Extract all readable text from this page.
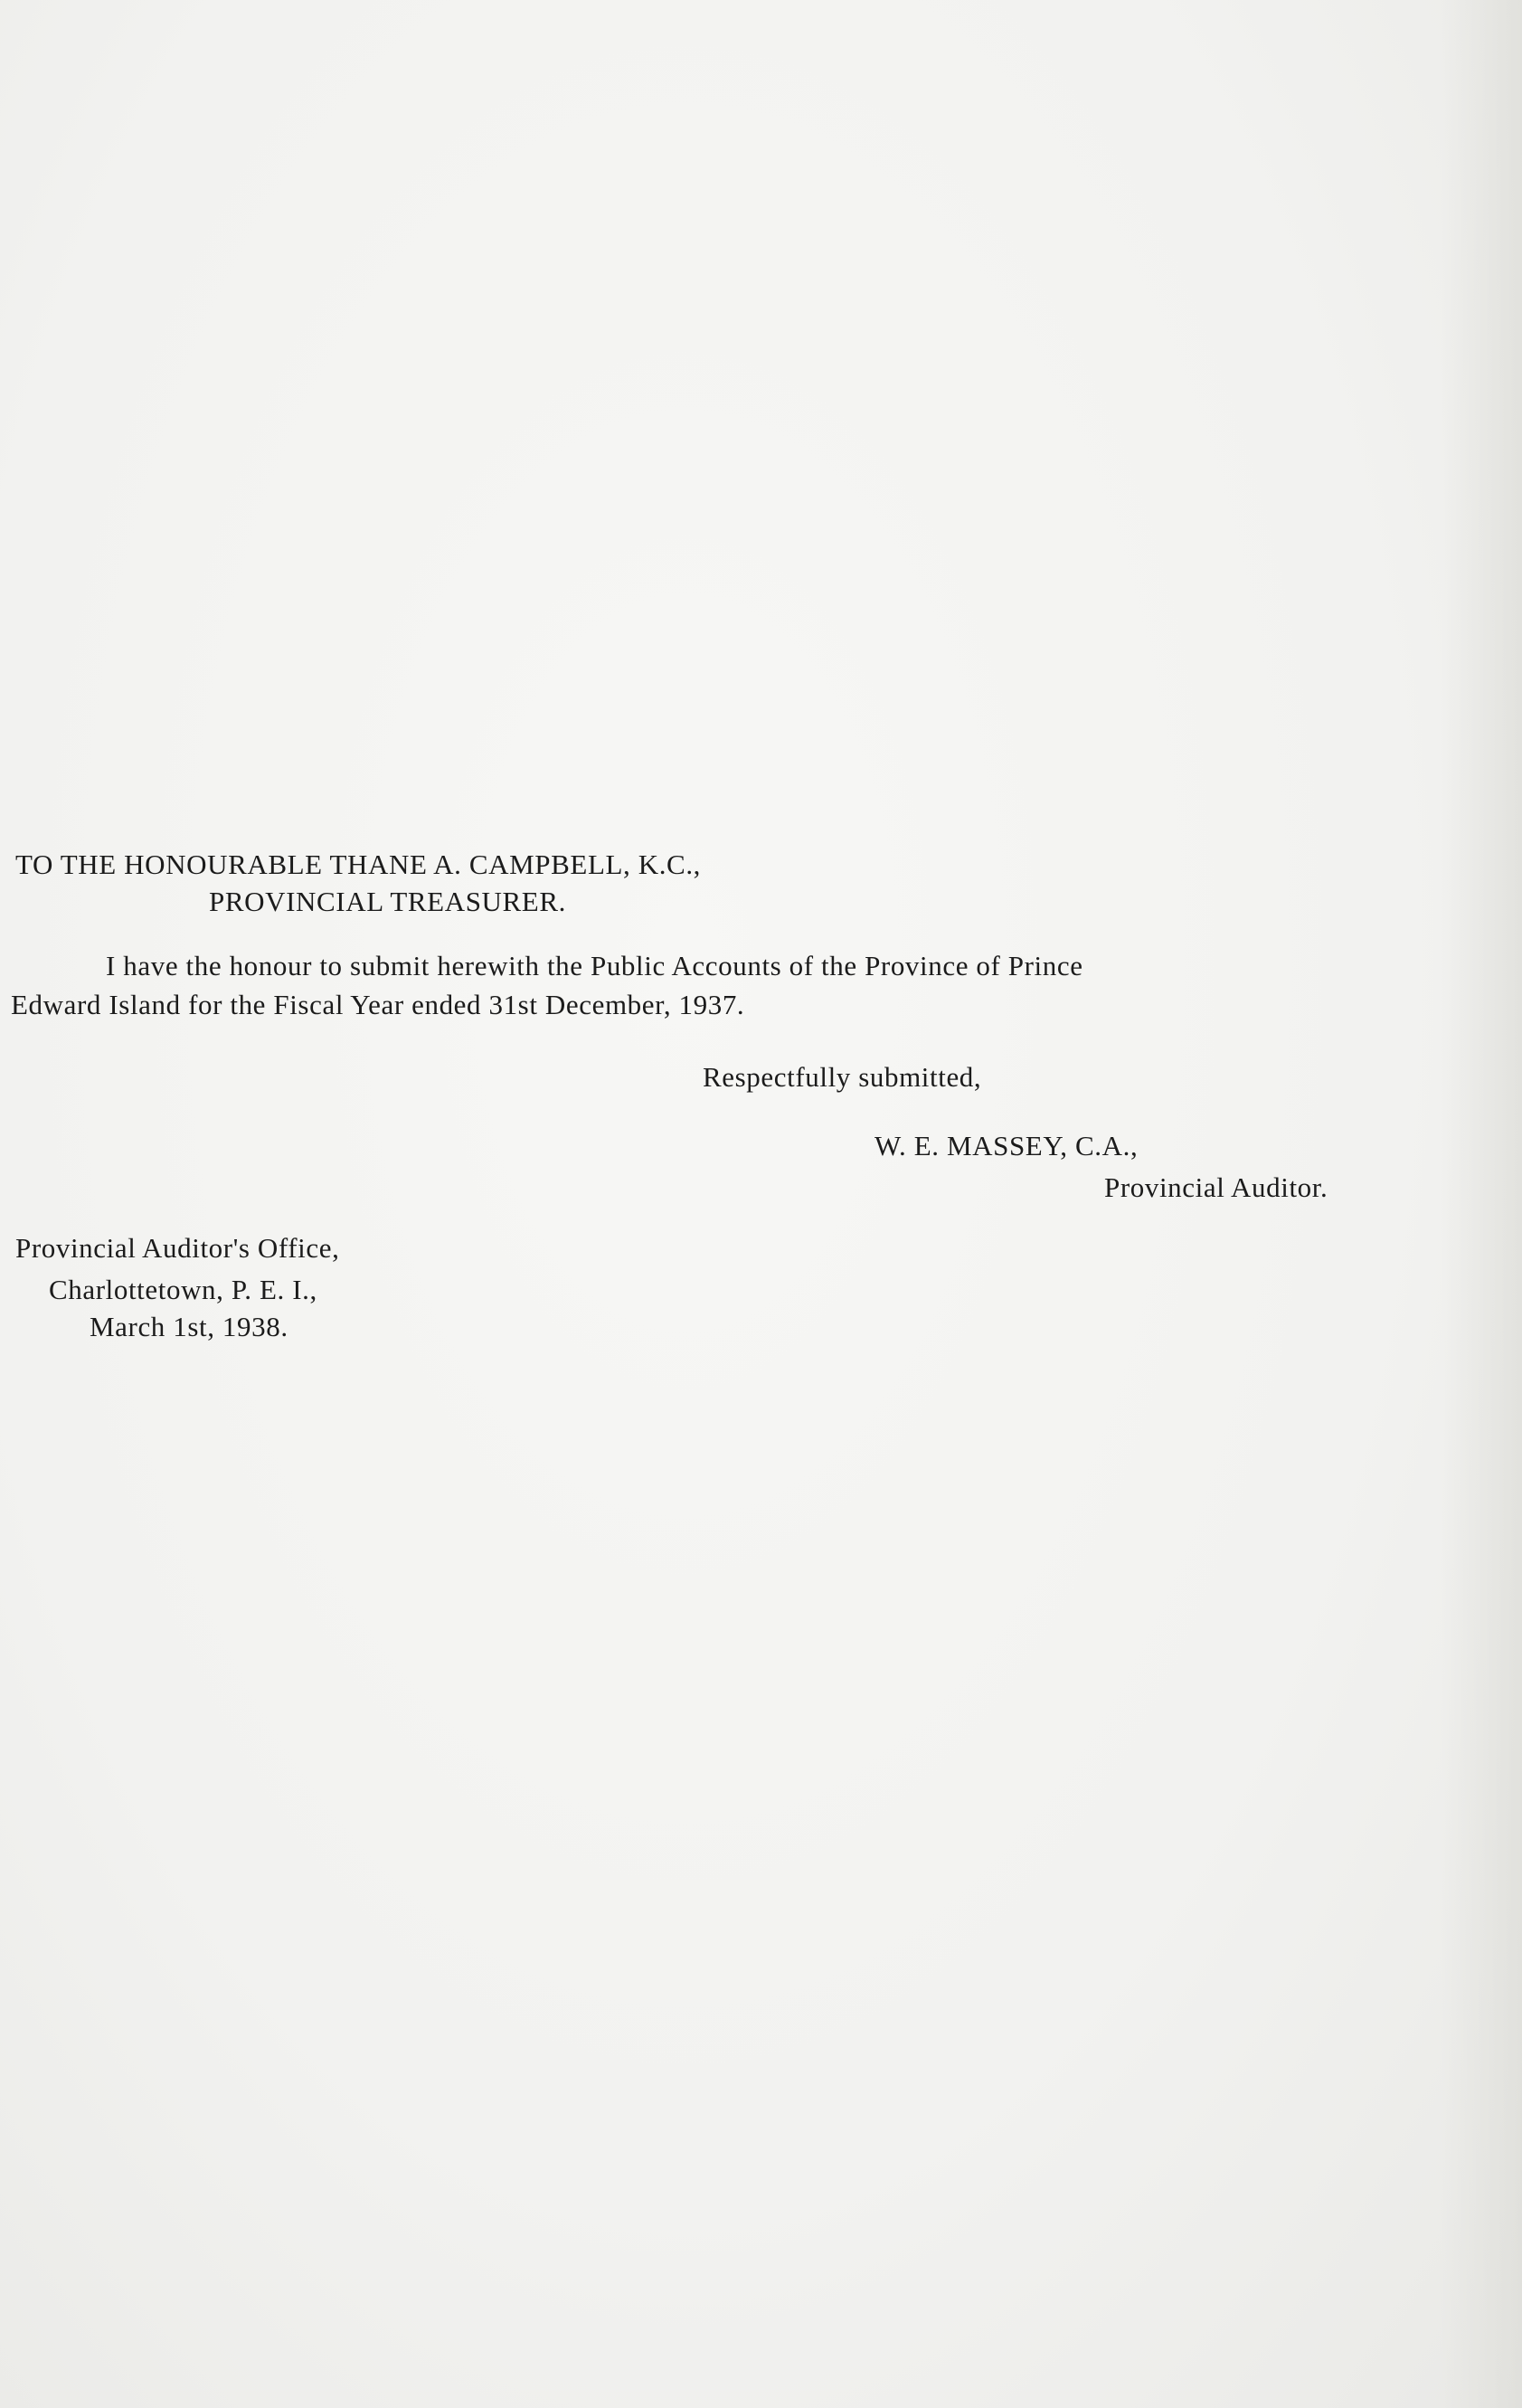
TO THE HONOURABLE THANE A. CAMPBELL, K.C.,
PROVINCIAL TREASURER.
I have the honour to submit herewith the Public Accounts of the Province of Prince
Edward Island for the Fiscal Year ended 31st December, 1937.
Respectfully submitted,
W. E. MASSEY, C.A.,
Provincial Auditor.
Provincial Auditor's Office,
Charlottetown, P. E. I.,
March 1st, 1938.
